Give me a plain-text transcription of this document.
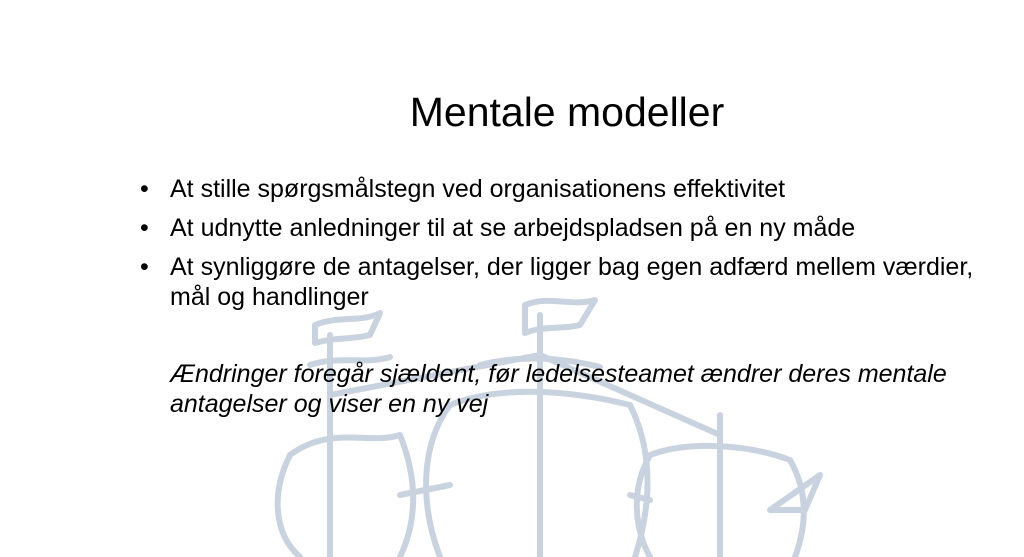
Mentale modeller
• At stille spørgsmålstegn ved organisationens effektivitet
• At udnytte anledninger til at se arbejdspladsen på en ny måde
• At synliggøre de antagelser, der ligger bag egen adfærd mellem værdier, mål og handlinger

Ændringer foregår sjældent, før ledelsesteamet ændrer deres mentale antagelser og viser en ny vej
